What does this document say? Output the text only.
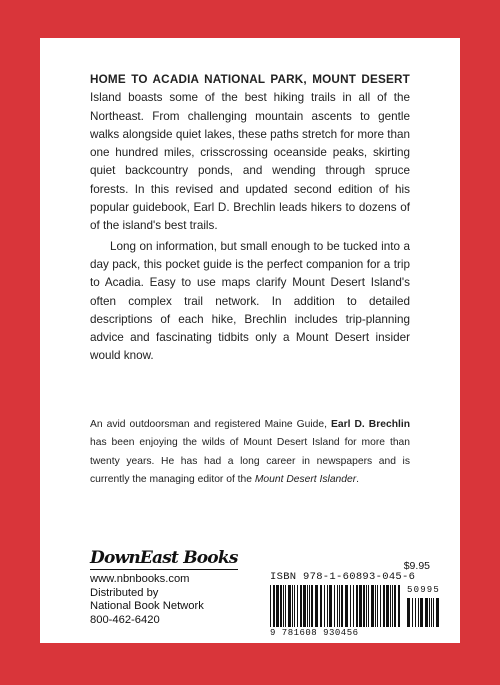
HOME TO ACADIA NATIONAL PARK, MOUNT DESERT Island boasts some of the best hiking trails in all of the Northeast. From challenging mountain ascents to gentle walks alongside quiet lakes, these paths stretch for more than one hundred miles, crisscrossing oceanside peaks, skirting quiet backcountry ponds, and wending through spruce forests. In this revised and updated second edition of his popular guidebook, Earl D. Brechlin leads hikers to dozens of of the island's best trails.

Long on information, but small enough to be tucked into a day pack, this pocket guide is the perfect companion for a trip to Acadia. Easy to use maps clarify Mount Desert Island's often complex trail network. In addition to detailed descriptions of each hike, Brechlin includes trip-planning advice and fascinating tidbits only a Mount Desert insider would know.

An avid outdoorsman and registered Maine Guide, Earl D. Brechlin has been enjoying the wilds of Mount Desert Island for more than twenty years. He has had a long career in newspapers and is currently the managing editor of the Mount Desert Islander.
DownEast Books
www.nbnbooks.com
Distributed by
National Book Network
800-462-6420
$9.95
ISBN 978-1-60893-045-6
50995
9 781608 930456
